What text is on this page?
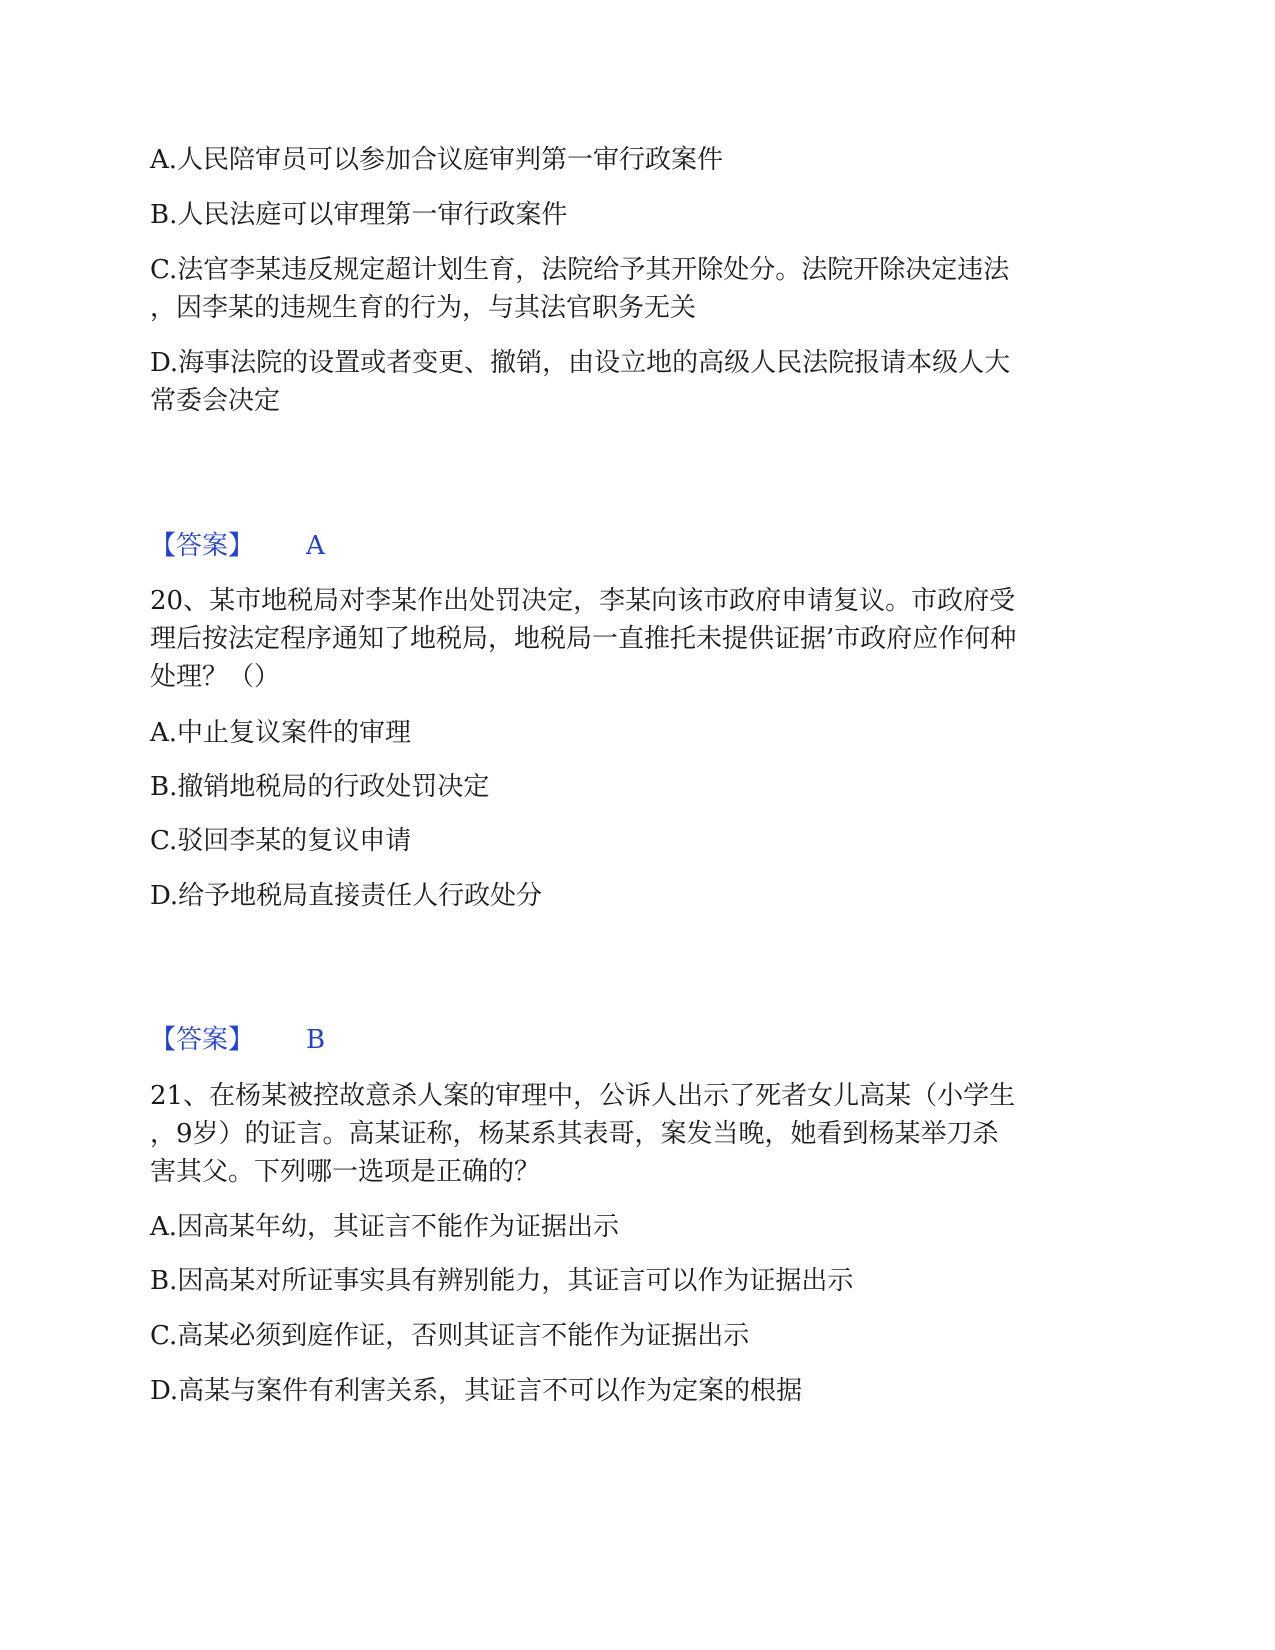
A.人民陪审员可以参加合议庭审判第一审行政案件
B.人民法庭可以审理第一审行政案件
C.法官李某违反规定超计划生育，法院给予其开除处分。法院开除决定违法
，因李某的违规生育的行为，与其法官职务无关
D.海事法院的设置或者变更、撤销，由设立地的高级人民法院报请本级人大
常委会决定
【答案】 A
20、某市地税局对李某作出处罚决定，李某向该市政府申请复议。市政府受
理后按法定程序通知了地税局，地税局一直推托未提供证据’市政府应作何种
处理？（）
A.中止复议案件的审理
B.撤销地税局的行政处罚决定
C.驳回李某的复议申请
D.给予地税局直接责任人行政处分
【答案】 B
21、在杨某被控故意杀人案的审理中，公诉人出示了死者女儿高某（小学生
，9岁）的证言。高某证称，杨某系其表哥，案发当晚，她看到杨某举刀杀
害其父。下列哪一选项是正确的？
A.因高某年幼，其证言不能作为证据出示
B.因高某对所证事实具有辨别能力，其证言可以作为证据出示
C.高某必须到庭作证，否则其证言不能作为证据出示
D.高某与案件有利害关系，其证言不可以作为定案的根据
